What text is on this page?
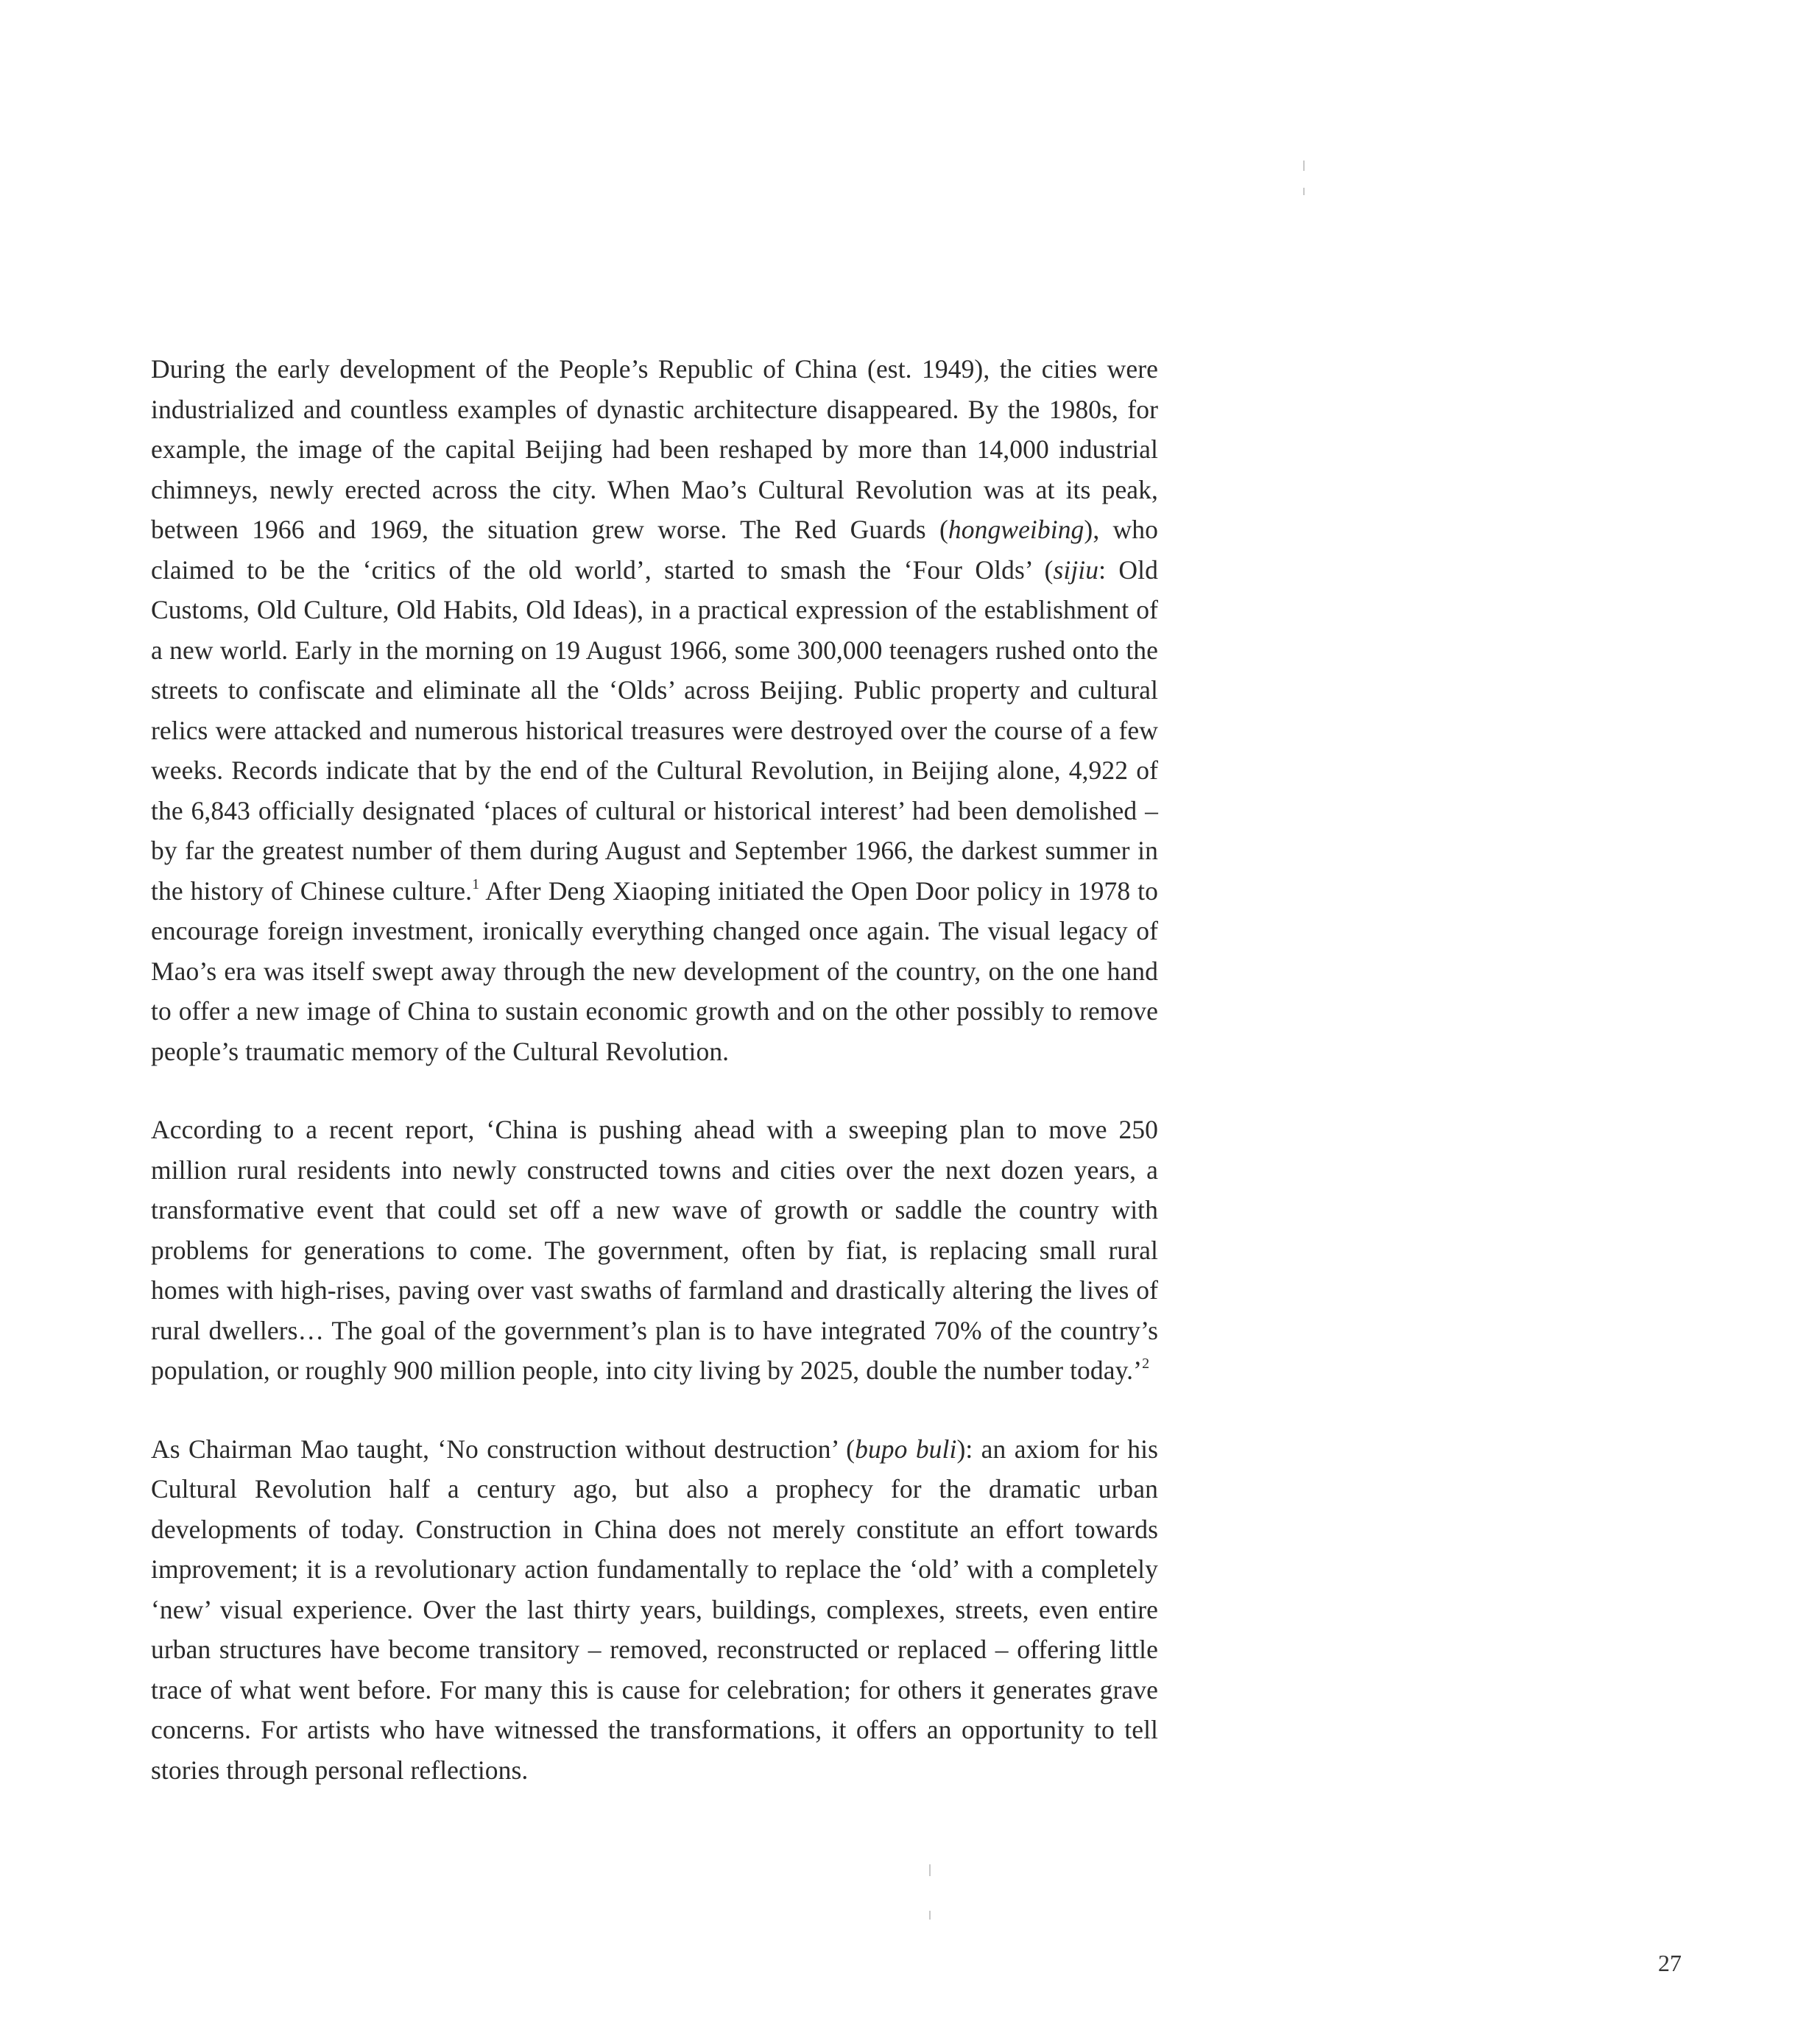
During the early development of the People’s Republic of China (est. 1949), the cities were industrialized and countless examples of dynastic architecture disappeared. By the 1980s, for example, the image of the capital Beijing had been reshaped by more than 14,000 industrial chimneys, newly erected across the city. When Mao’s Cultural Revolution was at its peak, between 1966 and 1969, the situation grew worse. The Red Guards (hongweibing), who claimed to be the ‘critics of the old world’, started to smash the ‘Four Olds’ (sijiu: Old Customs, Old Culture, Old Habits, Old Ideas), in a practical expression of the establishment of a new world. Early in the morning on 19 August 1966, some 300,000 teenagers rushed onto the streets to confiscate and eliminate all the ‘Olds’ across Beijing. Public property and cultural relics were attacked and numerous historical treasures were destroyed over the course of a few weeks. Records indicate that by the end of the Cultural Revolution, in Beijing alone, 4,922 of the 6,843 officially designated ‘places of cultural or historical interest’ had been demolished – by far the greatest number of them during August and September 1966, the darkest summer in the history of Chinese culture.$^1$ After Deng Xiaoping initiated the Open Door policy in 1978 to encourage foreign investment, ironically everything changed once again. The visual legacy of Mao’s era was itself swept away through the new development of the country, on the one hand to offer a new image of China to sustain economic growth and on the other possibly to remove people’s traumatic memory of the Cultural Revolution.

According to a recent report, ‘China is pushing ahead with a sweeping plan to move 250 million rural residents into newly constructed towns and cities over the next dozen years, a transformative event that could set off a new wave of growth or saddle the country with problems for generations to come. The government, often by fiat, is replacing small rural homes with high-rises, paving over vast swaths of farmland and drastically altering the lives of rural dwellers… The goal of the government’s plan is to have integrated 70% of the country’s population, or roughly 900 million people, into city living by 2025, double the number today.’$^2$

As Chairman Mao taught, ‘No construction without destruction’ (bupo buli): an axiom for his Cultural Revolution half a century ago, but also a prophecy for the dramatic urban developments of today. Construction in China does not merely constitute an effort towards improvement; it is a revolutionary action fundamentally to replace the ‘old’ with a completely ‘new’ visual experience. Over the last thirty years, buildings, complexes, streets, even entire urban structures have become transitory – removed, reconstructed or replaced – offering little trace of what went before. For many this is cause for celebration; for others it generates grave concerns. For artists who have witnessed the transformations, it offers an opportunity to tell stories through personal reflections.

27
